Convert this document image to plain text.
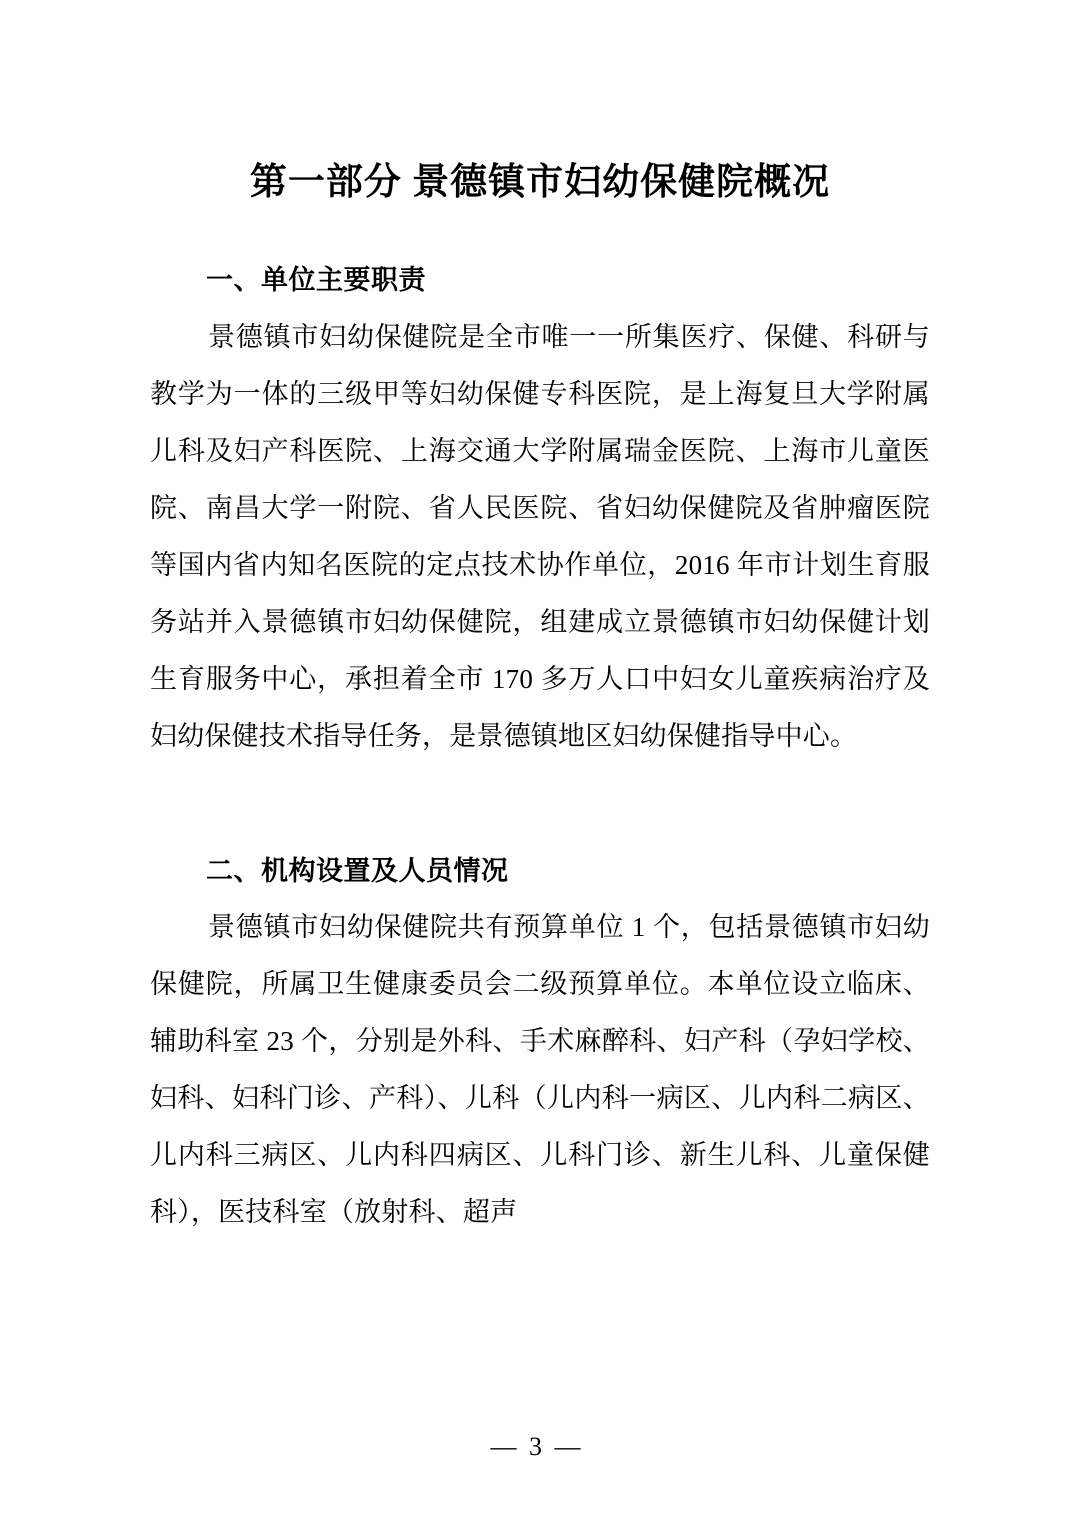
第一部分 景德镇市妇幼保健院概况
一、单位主要职责

景德镇市妇幼保健院是全市唯一一所集医疗、保健、科研与教学为一体的三级甲等妇幼保健专科医院，是上海复旦大学附属儿科及妇产科医院、上海交通大学附属瑞金医院、上海市儿童医院、南昌大学一附院、省人民医院、省妇幼保健院及省肿瘤医院等国内省内知名医院的定点技术协作单位，2016 年市计划生育服务站并入景德镇市妇幼保健院，组建成立景德镇市妇幼保健计划生育服务中心，承担着全市 170 多万人口中妇女儿童疾病治疗及妇幼保健技术指导任务，是景德镇地区妇幼保健指导中心。

二、机构设置及人员情况

景德镇市妇幼保健院共有预算单位 1 个，包括景德镇市妇幼保健院，所属卫生健康委员会二级预算单位。本单位设立临床、辅助科室 23 个，分别是外科、手术麻醉科、妇产科（孕妇学校、妇科、妇科门诊、产科）、儿科（儿内科一病区、儿内科二病区、儿内科三病区、儿内科四病区、儿科门诊、新生儿科、儿童保健科），医技科室（放射科、超声

— 3 —
